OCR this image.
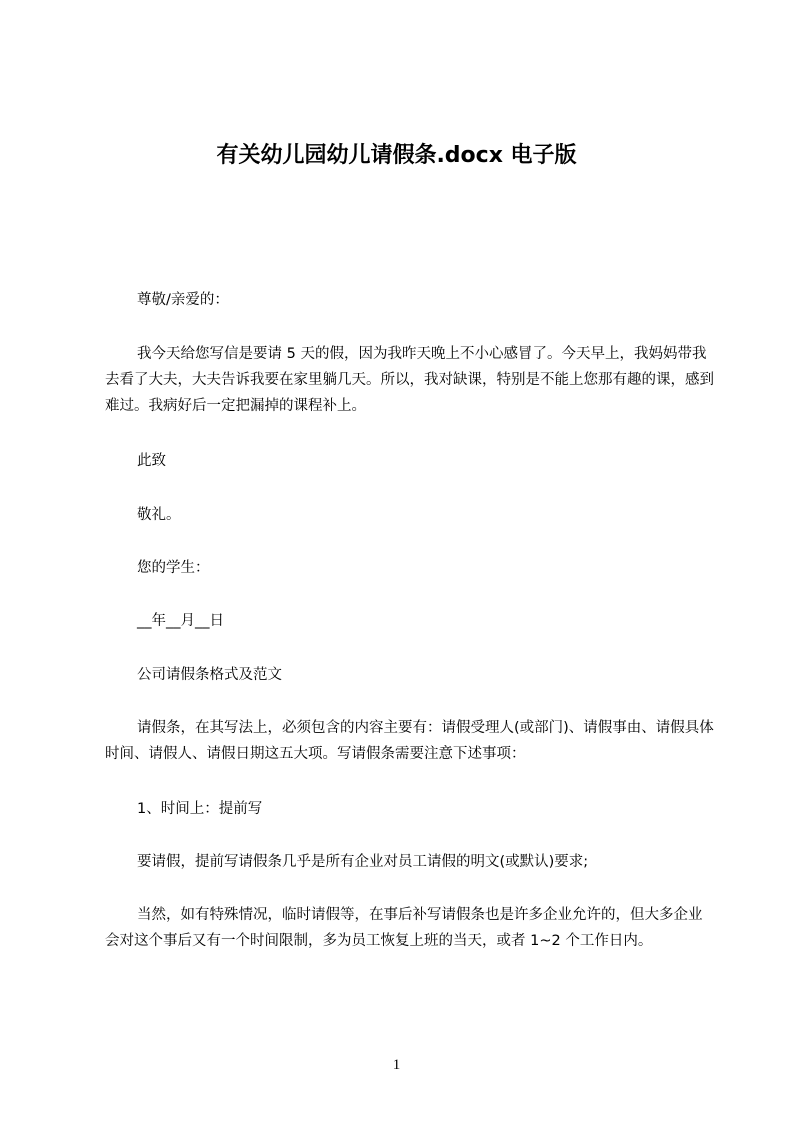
有关幼儿园幼儿请假条.docx 电子版

尊敬/亲爱的：

我今天给您写信是要请 5 天的假，因为我昨天晚上不小心感冒了。今天早上，我妈妈带我去看了大夫，大夫告诉我要在家里躺几天。所以，我对缺课，特别是不能上您那有趣的课，感到难过。我病好后一定把漏掉的课程补上。

此致

敬礼。

您的学生：

__年__月__日

公司请假条格式及范文

请假条，在其写法上，必须包含的内容主要有：请假受理人(或部门)、请假事由、请假具体时间、请假人、请假日期这五大项。写请假条需要注意下述事项：

1、时间上：提前写

要请假，提前写请假条几乎是所有企业对员工请假的明文(或默认)要求;

当然，如有特殊情况，临时请假等，在事后补写请假条也是许多企业允许的，但大多企业会对这个事后又有一个时间限制，多为员工恢复上班的当天，或者 1~2 个工作日内。

1
